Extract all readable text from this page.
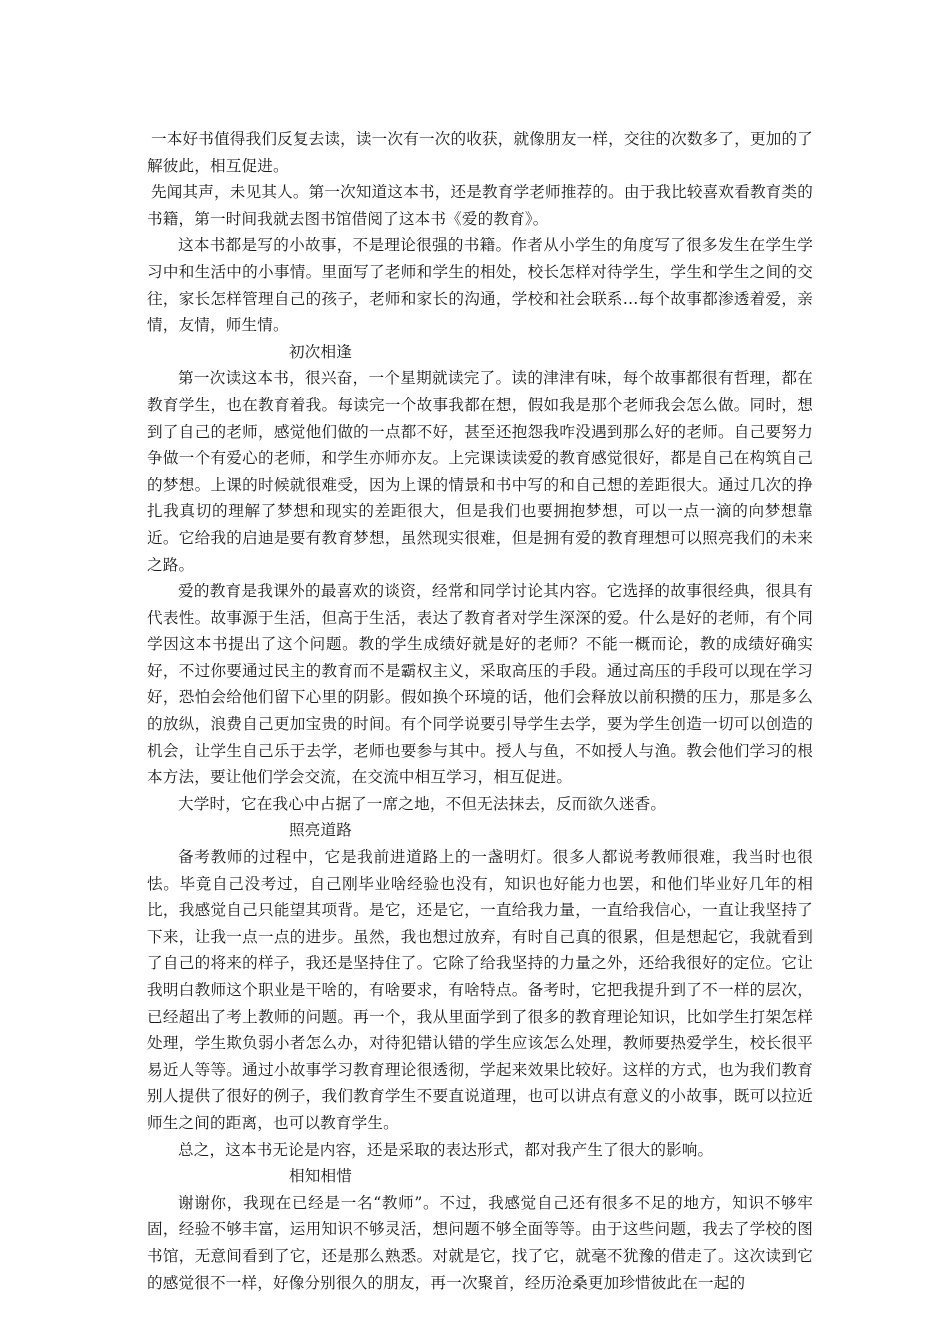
一本好书值得我们反复去读，读一次有一次的收获，就像朋友一样，交往的次数多了，更加的了解彼此，相互促进。

先闻其声，未见其人。第一次知道这本书，还是教育学老师推荐的。由于我比较喜欢看教育类的书籍，第一时间我就去图书馆借阅了这本书《爱的教育》。

这本书都是写的小故事，不是理论很强的书籍。作者从小学生的角度写了很多发生在学生学习中和生活中的小事情。里面写了老师和学生的相处，校长怎样对待学生，学生和学生之间的交往，家长怎样管理自己的孩子，老师和家长的沟通，学校和社会联系…每个故事都渗透着爱，亲情，友情，师生情。

初次相逢

第一次读这本书，很兴奋，一个星期就读完了。读的津津有味，每个故事都很有哲理，都在教育学生，也在教育着我。每读完一个故事我都在想，假如我是那个老师我会怎么做。同时，想到了自己的老师，感觉他们做的一点都不好，甚至还抱怨我咋没遇到那么好的老师。自己要努力争做一个有爱心的老师，和学生亦师亦友。上完课读读爱的教育感觉很好，都是自己在构筑自己的梦想。上课的时候就很难受，因为上课的情景和书中写的和自己想的差距很大。通过几次的挣扎我真切的理解了梦想和现实的差距很大，但是我们也要拥抱梦想，可以一点一滴的向梦想靠近。它给我的启迪是要有教育梦想，虽然现实很难，但是拥有爱的教育理想可以照亮我们的未来之路。

爱的教育是我课外的最喜欢的谈资，经常和同学讨论其内容。它选择的故事很经典，很具有代表性。故事源于生活，但高于生活，表达了教育者对学生深深的爱。什么是好的老师，有个同学因这本书提出了这个问题。教的学生成绩好就是好的老师？不能一概而论，教的成绩好确实好，不过你要通过民主的教育而不是霸权主义，采取高压的手段。通过高压的手段可以现在学习好，恐怕会给他们留下心里的阴影。假如换个环境的话，他们会释放以前积攒的压力，那是多么的放纵，浪费自己更加宝贵的时间。有个同学说要引导学生去学，要为学生创造一切可以创造的机会，让学生自己乐于去学，老师也要参与其中。授人与鱼，不如授人与渔。教会他们学习的根本方法，要让他们学会交流，在交流中相互学习，相互促进。

大学时，它在我心中占据了一席之地，不但无法抹去，反而欲久迷香。

照亮道路

备考教师的过程中，它是我前进道路上的一盏明灯。很多人都说考教师很难，我当时也很怯。毕竟自己没考过，自己刚毕业啥经验也没有，知识也好能力也罢，和他们毕业好几年的相比，我感觉自己只能望其项背。是它，还是它，一直给我力量，一直给我信心，一直让我坚持了下来，让我一点一点的进步。虽然，我也想过放弃，有时自己真的很累，但是想起它，我就看到了自己的将来的样子，我还是坚持住了。它除了给我坚持的力量之外，还给我很好的定位。它让我明白教师这个职业是干啥的，有啥要求，有啥特点。备考时，它把我提升到了不一样的层次，已经超出了考上教师的问题。再一个，我从里面学到了很多的教育理论知识，比如学生打架怎样处理，学生欺负弱小者怎么办，对待犯错认错的学生应该怎么处理，教师要热爱学生，校长很平易近人等等。通过小故事学习教育理论很透彻，学起来效果比较好。这样的方式，也为我们教育别人提供了很好的例子，我们教育学生不要直说道理，也可以讲点有意义的小故事，既可以拉近师生之间的距离，也可以教育学生。

总之，这本书无论是内容，还是采取的表达形式，都对我产生了很大的影响。

相知相惜

谢谢你，我现在已经是一名“教师”。不过，我感觉自己还有很多不足的地方，知识不够牢固，经验不够丰富，运用知识不够灵活，想问题不够全面等等。由于这些问题，我去了学校的图书馆，无意间看到了它，还是那么熟悉。对就是它，找了它，就毫不犹豫的借走了。这次读到它的感觉很不一样，好像分别很久的朋友，再一次聚首，经历沧桑更加珍惜彼此在一起的
